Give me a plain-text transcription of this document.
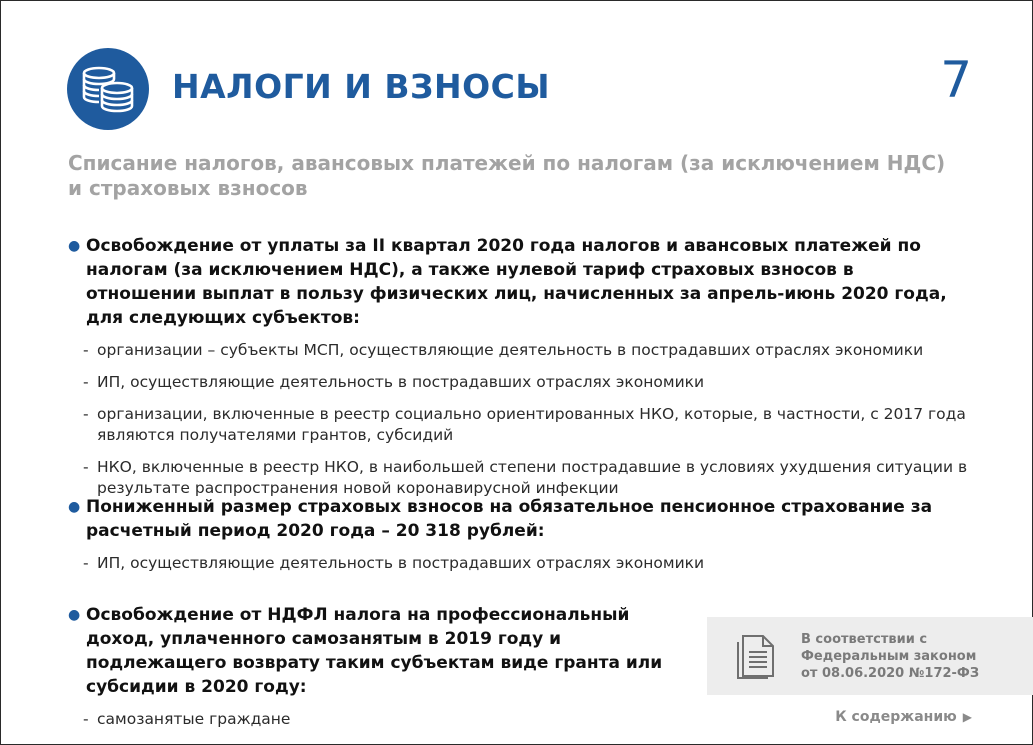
НАЛОГИ И ВЗНОСЫ	7
Списание налогов, авансовых платежей по налогам (за исключением НДС)
и страховых взносов
● Освобождение от уплаты за II квартал 2020 года налогов и авансовых платежей по налогам (за исключением НДС), а также нулевой тариф страховых взносов в отношении выплат в пользу физических лиц, начисленных за апрель-июнь 2020 года, для следующих субъектов:
- организации – субъекты МСП, осуществляющие деятельность в пострадавших отраслях экономики
- ИП, осуществляющие деятельность в пострадавших отраслях экономики
- организации, включенные в реестр социально ориентированных НКО, которые, в частности, с 2017 года являются получателями грантов, субсидий
- НКО, включенные в реестр НКО, в наибольшей степени пострадавшие в условиях ухудшения ситуации в результате распространения новой коронавирусной инфекции
● Пониженный размер страховых взносов на обязательное пенсионное страхование за расчетный период 2020 года – 20 318 рублей:
- ИП, осуществляющие деятельность в пострадавших отраслях экономики
● Освобождение от НДФЛ налога на профессиональный доход, уплаченного самозанятым в 2019 году и подлежащего возврату таким субъектам виде гранта или субсидии в 2020 году:
- самозанятые граждане
В соответствии с
Федеральным законом
от 08.06.2020 №172-ФЗ
К содержанию ▶
